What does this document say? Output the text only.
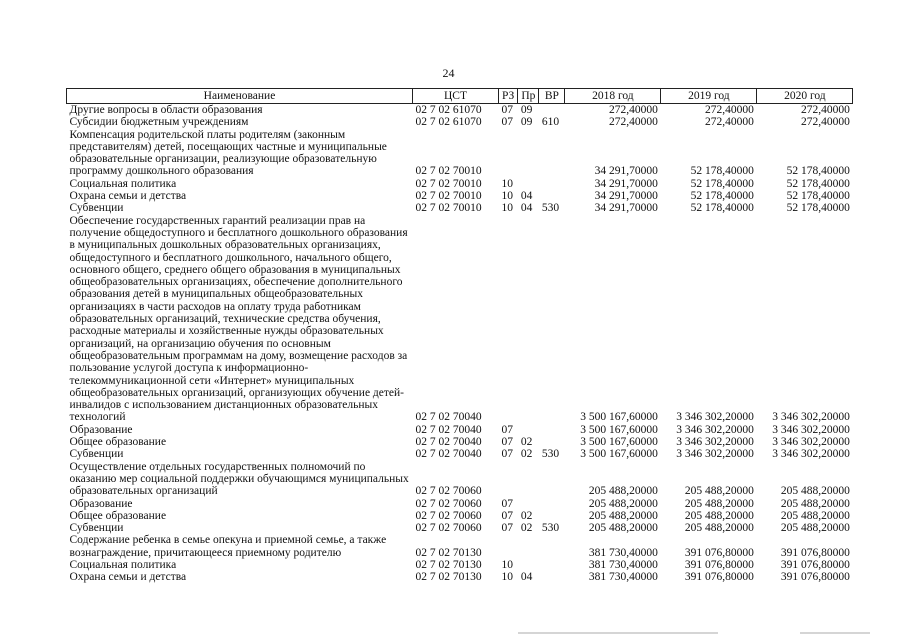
24
Наименование	ЦСТ	РЗ	Пр	ВР	2018 год	2019 год	2020 год
Другие вопросы в области образования	02 7 02 61070	07	09		272,40000	272,40000	272,40000
Субсидии бюджетным учреждениям	02 7 02 61070	07	09	610	272,40000	272,40000	272,40000
Компенсация родительской платы родителям (законным представителям) детей, посещающих частные и муниципальные образовательные организации, реализующие образовательную программу дошкольного образования	02 7 02 70010				34 291,70000	52 178,40000	52 178,40000
Социальная политика	02 7 02 70010	10			34 291,70000	52 178,40000	52 178,40000
Охрана семьи и детства	02 7 02 70010	10	04		34 291,70000	52 178,40000	52 178,40000
Субвенции	02 7 02 70010	10	04	530	34 291,70000	52 178,40000	52 178,40000
Обеспечение государственных гарантий реализации прав на получение общедоступного и бесплатного дошкольного образования в муниципальных дошкольных образовательных организациях, общедоступного и бесплатного дошкольного, начального общего, основного общего, среднего общего образования в муниципальных общеобразовательных организациях, обеспечение дополнительного образования детей в муниципальных общеобразовательных организациях в части расходов на оплату труда работникам образовательных организаций, технические средства обучения, расходные материалы и хозяйственные нужды образовательных организаций, на организацию обучения по основным общеобразовательным программам на дому, возмещение расходов за пользование услугой доступа к информационно-телекоммуникационной сети «Интернет» муниципальных общеобразовательных организаций, организующих обучение детей-инвалидов с использованием дистанционных образовательных технологий	02 7 02 70040				3 500 167,60000	3 346 302,20000	3 346 302,20000
Образование	02 7 02 70040	07			3 500 167,60000	3 346 302,20000	3 346 302,20000
Общее образование	02 7 02 70040	07	02		3 500 167,60000	3 346 302,20000	3 346 302,20000
Субвенции	02 7 02 70040	07	02	530	3 500 167,60000	3 346 302,20000	3 346 302,20000
Осуществление отдельных государственных полномочий по оказанию мер социальной поддержки обучающимся муниципальных образовательных организаций	02 7 02 70060				205 488,20000	205 488,20000	205 488,20000
Образование	02 7 02 70060	07			205 488,20000	205 488,20000	205 488,20000
Общее образование	02 7 02 70060	07	02		205 488,20000	205 488,20000	205 488,20000
Субвенции	02 7 02 70060	07	02	530	205 488,20000	205 488,20000	205 488,20000
Содержание ребенка в семье опекуна и приемной семье, а также вознаграждение, причитающееся приемному родителю	02 7 02 70130				381 730,40000	391 076,80000	391 076,80000
Социальная политика	02 7 02 70130	10			381 730,40000	391 076,80000	391 076,80000
Охрана семьи и детства	02 7 02 70130	10	04		381 730,40000	391 076,80000	391 076,80000
